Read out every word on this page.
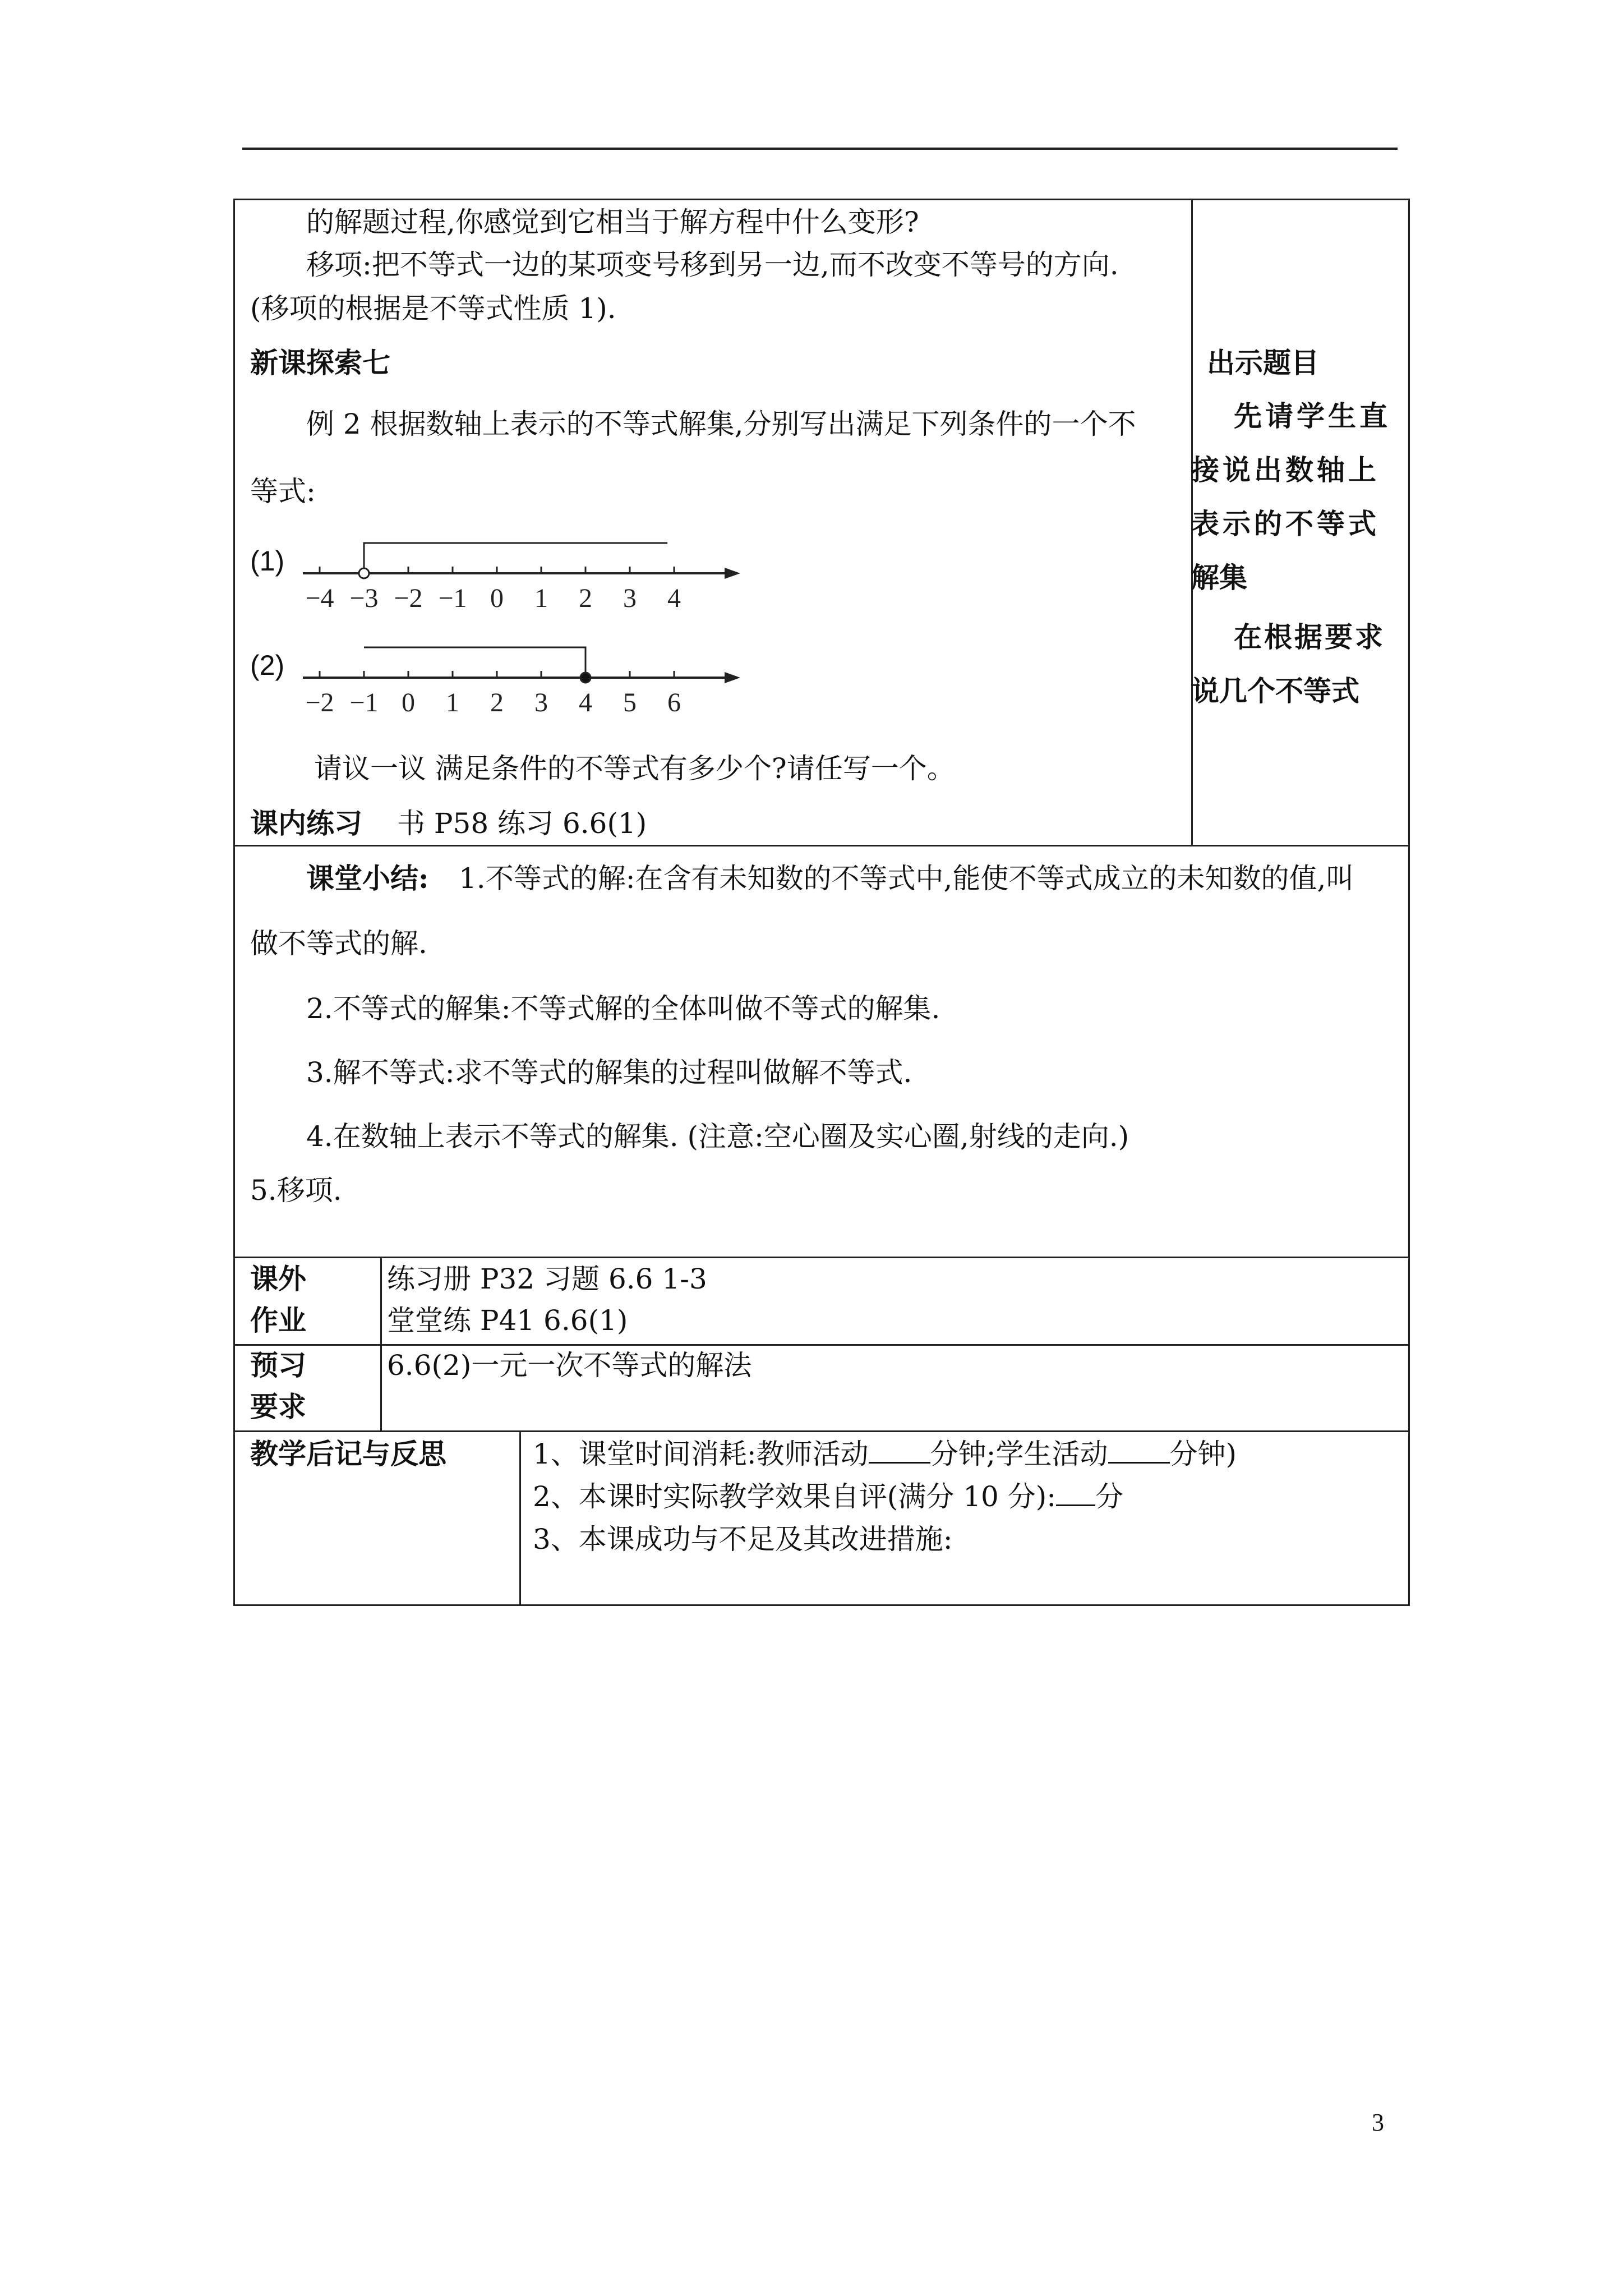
的解题过程,你感觉到它相当于解方程中什么变形?
移项:把不等式一边的某项变号移到另一边,而不改变不等号的方向.
(移项的根据是不等式性质 1).
新课探索七
例 2 根据数轴上表示的不等式解集,分别写出满足下列条件的一个不
等式:
(1)
−4 −3 −2 −1 0 1 2 3 4
(2)
−2 −1 0 1 2 3 4 5 6
请议一议 满足条件的不等式有多少个?请任写一个。
课内练习 书 P58 练习 6.6(1)
出示题目
先请学生直
接说出数轴上
表示的不等式
解集
在根据要求
说几个不等式
课堂小结: 1.不等式的解:在含有未知数的不等式中,能使不等式成立的未知数的值,叫
做不等式的解.
2.不等式的解集:不等式解的全体叫做不等式的解集.
3.解不等式:求不等式的解集的过程叫做解不等式.
4.在数轴上表示不等式的解集. (注意:空心圈及实心圈,射线的走向.)
5.移项.
课外
作业
练习册 P32 习题 6.6 1-3
堂堂练 P41 6.6(1)
预习
要求
6.6(2)一元一次不等式的解法
教学后记与反思	1、课堂时间消耗:教师活动 分钟;学生活动 分钟)
2、本课时实际教学效果自评(满分 10 分): 分
3、本课成功与不足及其改进措施:
3
